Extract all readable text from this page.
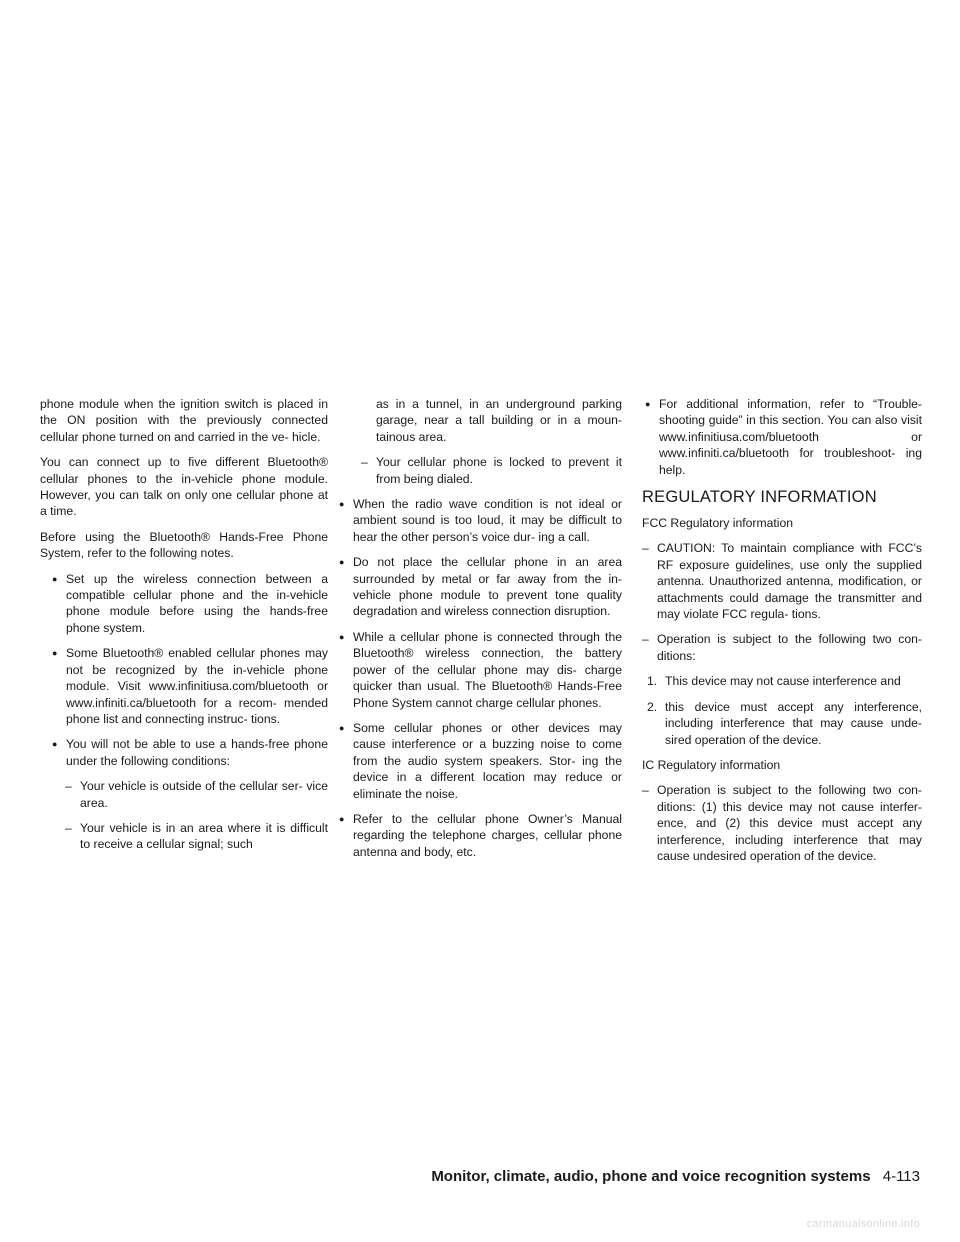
phone module when the ignition switch is placed in the ON position with the previously connected cellular phone turned on and carried in the ve- hicle.

You can connect up to five different Bluetooth® cellular phones to the in-vehicle phone module. However, you can talk on only one cellular phone at a time.

Before using the Bluetooth® Hands-Free Phone System, refer to the following notes.

● Set up the wireless connection between a compatible cellular phone and the in-vehicle phone module before using the hands-free phone system.

● Some Bluetooth® enabled cellular phones may not be recognized by the in-vehicle phone module. Visit www.infinitiusa.com/bluetooth or www.infiniti.ca/bluetooth for a recom- mended phone list and connecting instruc- tions.

● You will not be able to use a hands-free phone under the following conditions:

– Your vehicle is outside of the cellular ser- vice area.

– Your vehicle is in an area where it is difficult to receive a cellular signal; such

as in a tunnel, in an underground parking garage, near a tall building or in a moun- tainous area.

– Your cellular phone is locked to prevent it from being dialed.

● When the radio wave condition is not ideal or ambient sound is too loud, it may be difficult to hear the other person’s voice dur- ing a call.

● Do not place the cellular phone in an area surrounded by metal or far away from the in-vehicle phone module to prevent tone quality degradation and wireless connection disruption.

● While a cellular phone is connected through the Bluetooth® wireless connection, the battery power of the cellular phone may dis- charge quicker than usual. The Bluetooth® Hands-Free Phone System cannot charge cellular phones.

● Some cellular phones or other devices may cause interference or a buzzing noise to come from the audio system speakers. Stor- ing the device in a different location may reduce or eliminate the noise.

● Refer to the cellular phone Owner’s Manual regarding the telephone charges, cellular phone antenna and body, etc.

● For additional information, refer to “Trouble- shooting guide” in this section. You can also visit www.infinitiusa.com/bluetooth or www.infiniti.ca/bluetooth for troubleshoot- ing help.

REGULATORY INFORMATION

FCC Regulatory information

– CAUTION: To maintain compliance with FCC’s RF exposure guidelines, use only the supplied antenna. Unauthorized antenna, modification, or attachments could damage the transmitter and may violate FCC regula- tions.

– Operation is subject to the following two con- ditions:

1. This device may not cause interference and
2. this device must accept any interference, including interference that may cause unde- sired operation of the device.

IC Regulatory information

– Operation is subject to the following two con- ditions: (1) this device may not cause interfer- ence, and (2) this device must accept any interference, including interference that may cause undesired operation of the device.

Monitor, climate, audio, phone and voice recognition systems 4-113
carmanualsonline.info
